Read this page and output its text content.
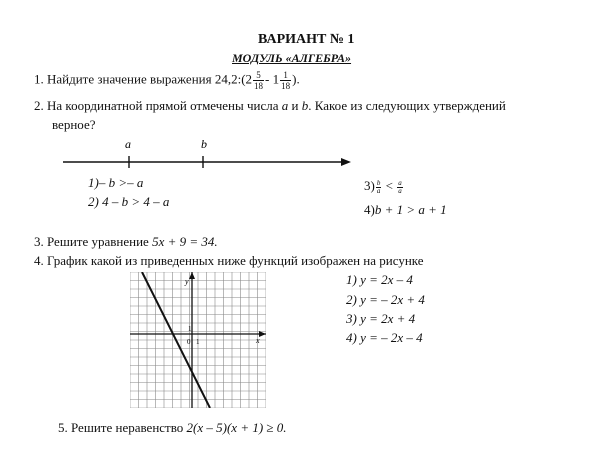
ВАРИАНТ № 1
МОДУЛЬ «АЛГЕБРА»
1. Найдите значение выражения 24,2:(2 $\frac{5}{18} - 1 \frac{1}{18}$ ).
2. На координатной прямой отмечены числа a и b. Какое из следующих утверждений
верное?
a	b
1)– b >– a
2) 4 – b > 4 – a
$3) \frac{b}{a} < \frac{a}{a}$
4)b + 1 > a + 1
3. Решите уравнение 5x + 9 = 34.
4. График какой из приведенных ниже функций изображен на рисунке
y
x
1
0 1
1) y = 2x – 4
2) y = – 2x + 4
3) y = 2x + 4
4) y = – 2x – 4
5. Решите неравенство 2(x – 5)(x + 1) ≥ 0.
